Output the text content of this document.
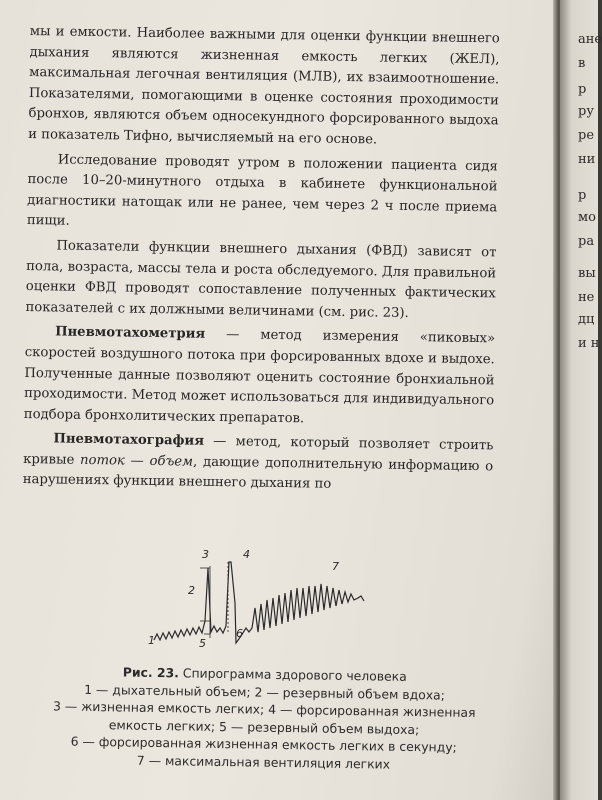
мы и емкости. Наиболее важными для оценки функции внешнего дыхания являются жизненная емкость легких (ЖЕЛ), максимальная легочная вентиляция (МЛВ), их взаимоотношение. Показателями, помогающими в оценке состояния проходимости бронхов, являются объем односекундного форсированного выдоха и показатель Тифно, вычисляемый на его основе.

Исследование проводят утром в положении пациента сидя после 10–20-минутного отдыха в кабинете функциональной диагностики натощак или не ранее, чем через 2 ч после приема пищи.

Показатели функции внешнего дыхания (ФВД) зависят от пола, возраста, массы тела и роста обследуемого. Для правильной оценки ФВД проводят сопоставление полученных фактических показателей с их должными величинами (см. рис. 23).

Пневмотахометрия — метод измерения «пиковых» скоростей воздушного потока при форсированных вдохе и выдохе. Полученные данные позволяют оценить состояние бронхиальной проходимости. Метод может использоваться для индивидуального подбора бронхолитических препаратов.

Пневмотахография — метод, который позволяет строить кривые поток — объем, дающие дополнительную информацию о нарушениях функции внешнего дыхания по

1
2
3	4
5
6
7
Рис. 23. Спирограмма здорового человека
1 — дыхательный объем; 2 — резервный объем вдоха;
3 — жизненная емкость легких; 4 — форсированная жизненная
емкость легких; 5 — резервный объем выдоха;
6 — форсированная жизненная емкость легких в секунду;
7 — максимальная вентиляция легких
ане
в
р
ру
ре
ни
р
мо
ра
вы
не
дц
и н
